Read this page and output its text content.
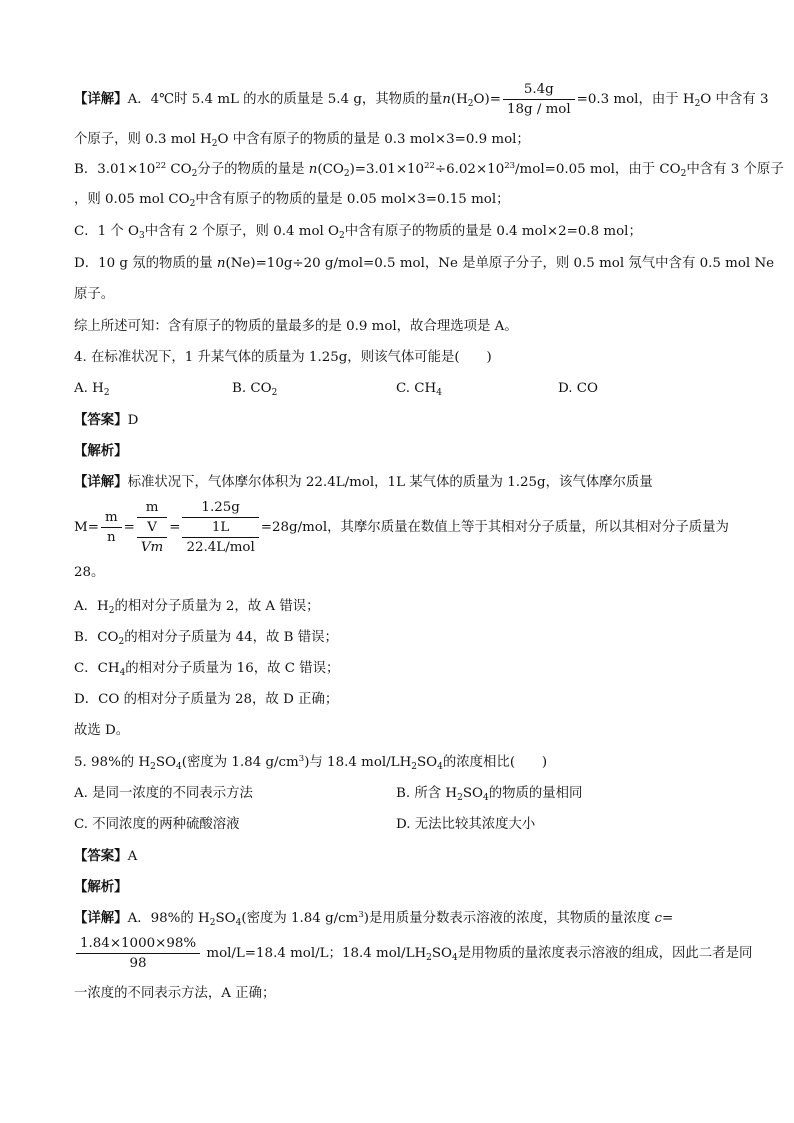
【详解】A．4℃时 5.4 mL 的水的质量是 5.4 g，其物质的量$n(H_2O)= \frac{5.4g}{\text{18g / mol}} =0.3$ mol，由于 $H_2O$ 中含有 3
个原子，则 0.3 mol $H_2O$ 中含有原子的物质的量是 0.3 mol×3=0.9 mol；
B．$3.01\times 10^{22}$ $CO_2$分子的物质的量是 $n(CO_2)=3.01\times 10^{22}\div 6.02\times 10^{23}/mol=0.05$ mol，由于 $CO_2$中含有 3 个原子
，则 0.05 mol $CO_2$中含有原子的物质的量是 0.05 mol×3=0.15 mol；
C．1 个 $O_3$中含有 2 个原子，则 0.4 mol $O_2$中含有原子的物质的量是 0.4 mol×2=0.8 mol；
D．10 g 氖的物质的量 n(Ne)=10g÷20 g/mol=0.5 mol，Ne 是单原子分子，则 0.5 mol 氖气中含有 0.5 mol Ne
原子。
综上所述可知：含有原子的物质的量最多的是 0.9 mol，故合理选项是 A。
4. 在标准状况下，1 升某气体的质量为 1.25g，则该气体可能是(　　)
A. $H_2$	B. $CO_2$	C. $CH_4$	D. CO
【答案】D
【解析】
【详解】标准状况下，气体摩尔体积为 22.4L/mol，1L 某气体的质量为 1.25g，该气体摩尔质量
$M= \frac{m}{n}$ =
m
V
Vm
=
1.25g
1L
22.4L/mol
=28g/mol，其摩尔质量在数值上等于其相对分子质量，所以其相对分子质量为
28。
A．$H_2$的相对分子质量为 2，故 A 错误；
B．$CO_2$的相对分子质量为 44，故 B 错误；
C．$CH_4$的相对分子质量为 16，故 C 错误；
D．CO 的相对分子质量为 28，故 D 正确；
故选 D。
5. 98%的 $H_2SO_4$(密度为 1.84 $g/cm^3$)与 18.4 mol/$LH_2SO_4$的浓度相比(　　)
A. 是同一浓度的不同表示方法	B. 所含 $H_2SO_4$的物质的量相同
C. 不同浓度的两种硫酸溶液	D. 无法比较其浓度大小
【答案】A
【解析】
【详解】A．98%的 $H_2SO_4$(密度为 1.84 $g/cm^3$)是用质量分数表示溶液的浓度，其物质的量浓度 c=
$\frac{1.84\times 1000\times 98\%}{98} mol/L=18.4$ mol/L；18.4 mol/$LH_2SO_4$是用物质的量浓度表示溶液的组成，因此二者是同
一浓度的不同表示方法，A 正确；
